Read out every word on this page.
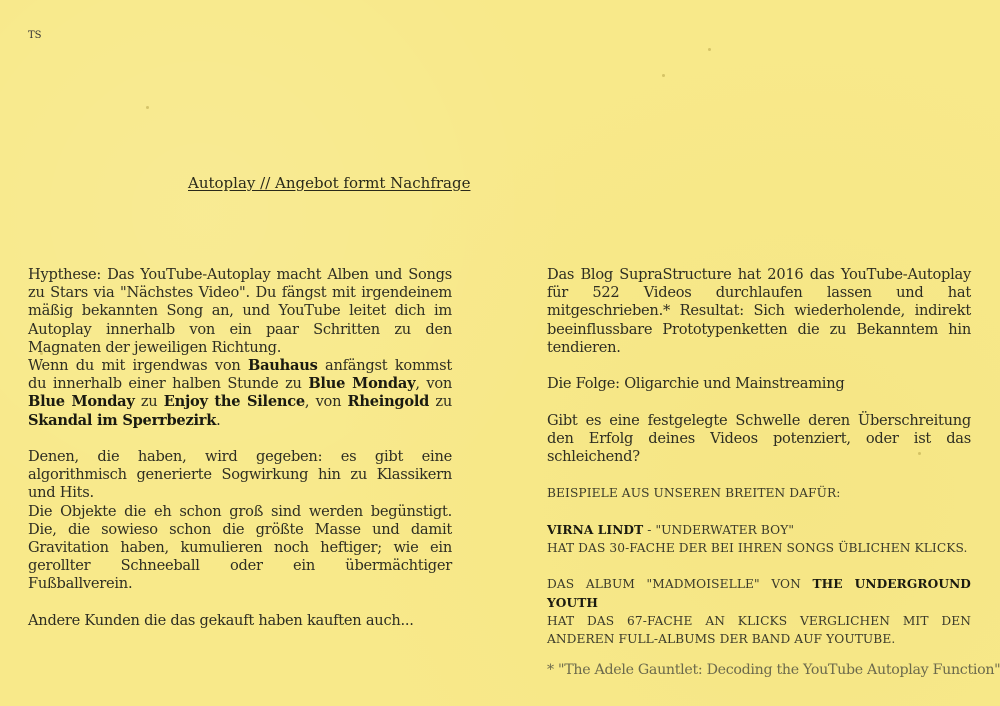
TS
Autoplay // Angebot formt Nachfrage

Hypthese: Das YouTube-Autoplay macht Alben und Songs zu Stars via "Nächstes Video". Du fängst mit irgendeinem mäßig bekannten Song an, und YouTube leitet dich im Autoplay innerhalb von ein paar Schritten zu den Magnaten der jeweiligen Richtung.

Wenn du mit irgendwas von Bauhaus anfängst kommst du innerhalb einer halben Stunde zu Blue Monday, von Blue Monday zu Enjoy the Silence, von Rheingold zu Skandal im Sperrbezirk.

Denen, die haben, wird gegeben: es gibt eine algorithmisch generierte Sogwirkung hin zu Klassikern und Hits.

Die Objekte die eh schon groß sind werden begünstigt. Die, die sowieso schon die größte Masse und damit Gravitation haben, kumulieren noch heftiger; wie ein gerollter Schneeball oder ein übermächtiger Fußballverein.

Andere Kunden die das gekauft haben kauften auch...

Das Blog SupraStructure hat 2016 das YouTube-Autoplay für 522 Videos durchlaufen lassen und hat mitgeschrieben.* Resultat: Sich wiederholende, indirekt beeinflussbare Prototypenketten die zu Bekanntem hin tendieren.

Die Folge: Oligarchie und Mainstreaming

Gibt es eine festgelegte Schwelle deren Überschreitung den Erfolg deines Videos potenziert, oder ist das schleichend?

BEISPIELE AUS UNSEREN BREITEN DAFÜR:

VIRNA LINDT - "UNDERWATER BOY"
HAT DAS 30-FACHE DER BEI IHREN SONGS ÜBLICHEN KLICKS.

DAS ALBUM "MADMOISELLE" VON THE UNDERGROUND YOUTH
HAT DAS 67-FACHE AN KLICKS VERGLICHEN MIT DEN ANDEREN FULL-ALBUMS DER BAND AUF YOUTUBE.

* "The Adele Gauntlet: Decoding the YouTube Autoplay Function"
